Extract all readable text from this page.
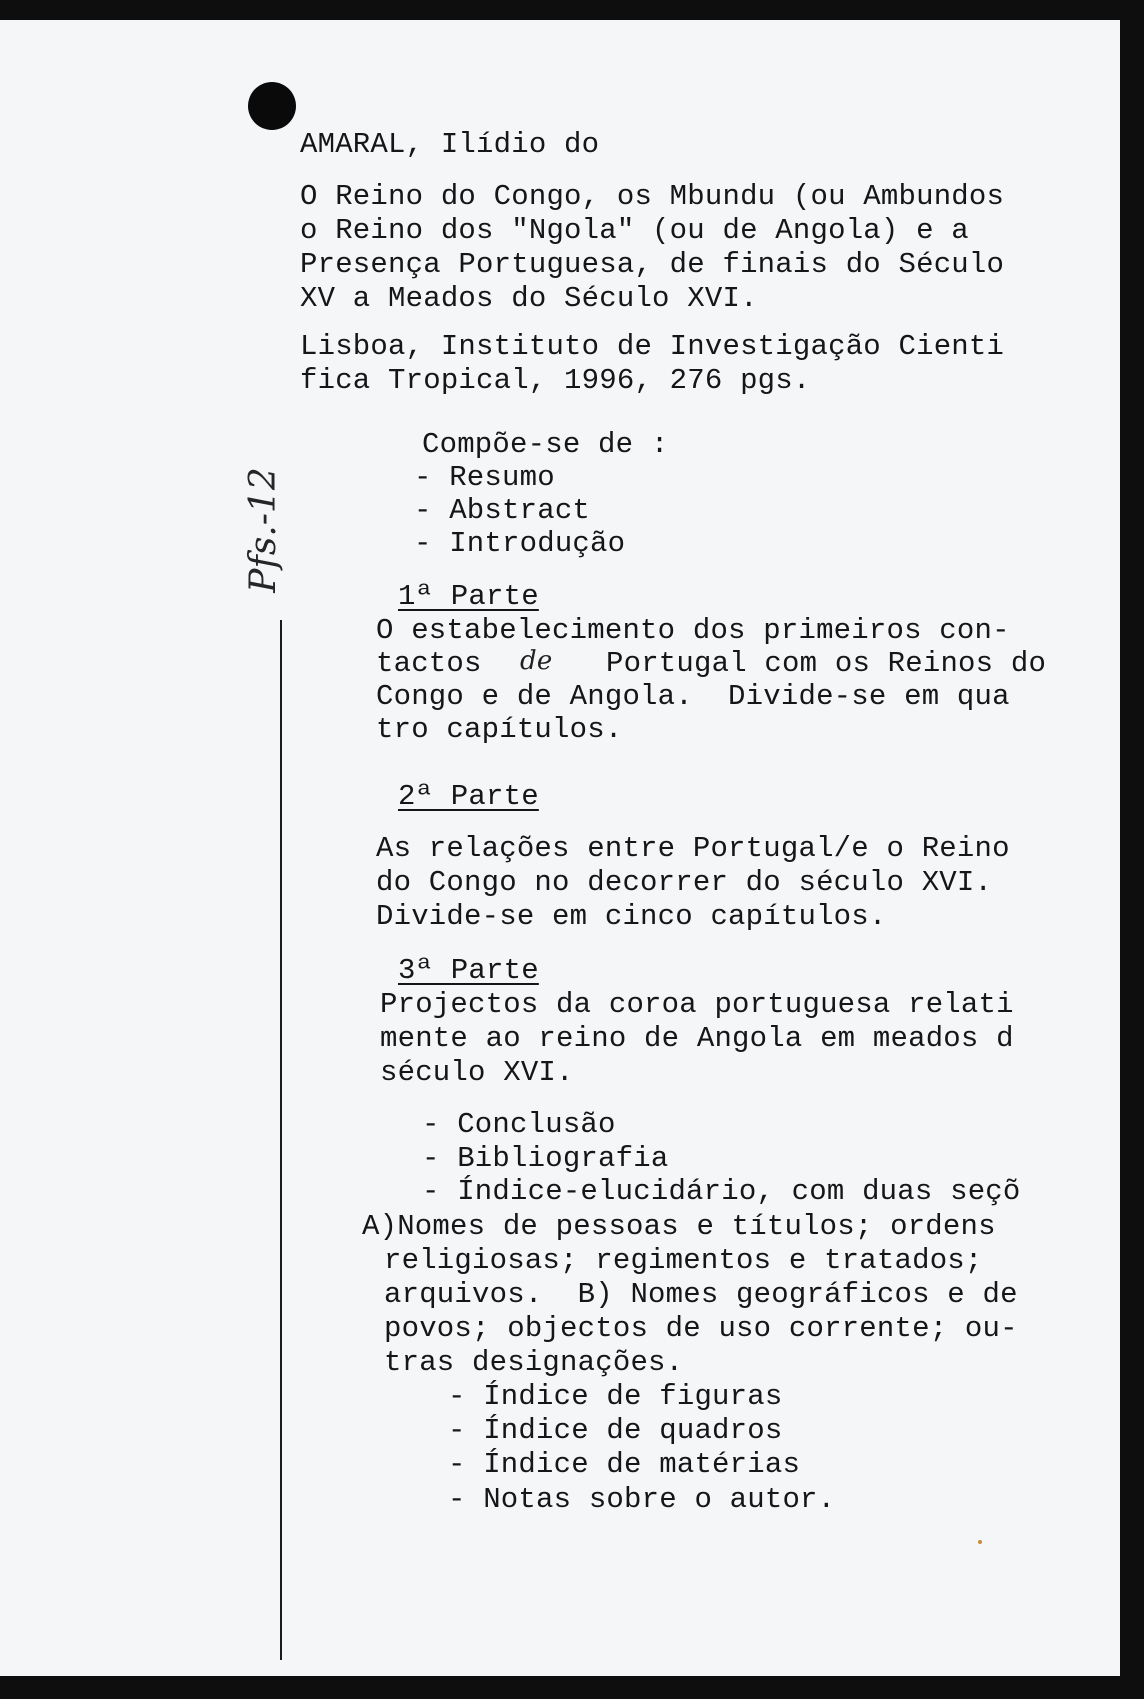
Pfs.-12
AMARAL, Ilídio do
O Reino do Congo, os Mbundu (ou Ambundos
o Reino dos "Ngola" (ou de Angola) e a
Presença Portuguesa, de finais do Século
XV a Meados do Século XVI.
Lisboa, Instituto de Investigação Cienti
fica Tropical, 1996, 276 pgs.
Compõe-se de :
- Resumo
- Abstract
- Introdução
1ª Parte
O estabelecimento dos primeiros con-
tactos de Portugal com os Reinos do
Congo e de Angola.  Divide-se em qua
tro capítulos.
2ª Parte
As relações entre Portugal/e o Reino
do Congo no decorrer do século XVI.
Divide-se em cinco capítulos.
3ª Parte
Projectos da coroa portuguesa relati
mente ao reino de Angola em meados d
século XVI.
- Conclusão
- Bibliografia
- Índice-elucidário, com duas seçõ
A)Nomes de pessoas e títulos; ordens
religiosas; regimentos e tratados;
arquivos.  B) Nomes geográficos e de
povos; objectos de uso corrente; ou-
tras designações.
- Índice de figuras
- Índice de quadros
- Índice de matérias
- Notas sobre o autor.
